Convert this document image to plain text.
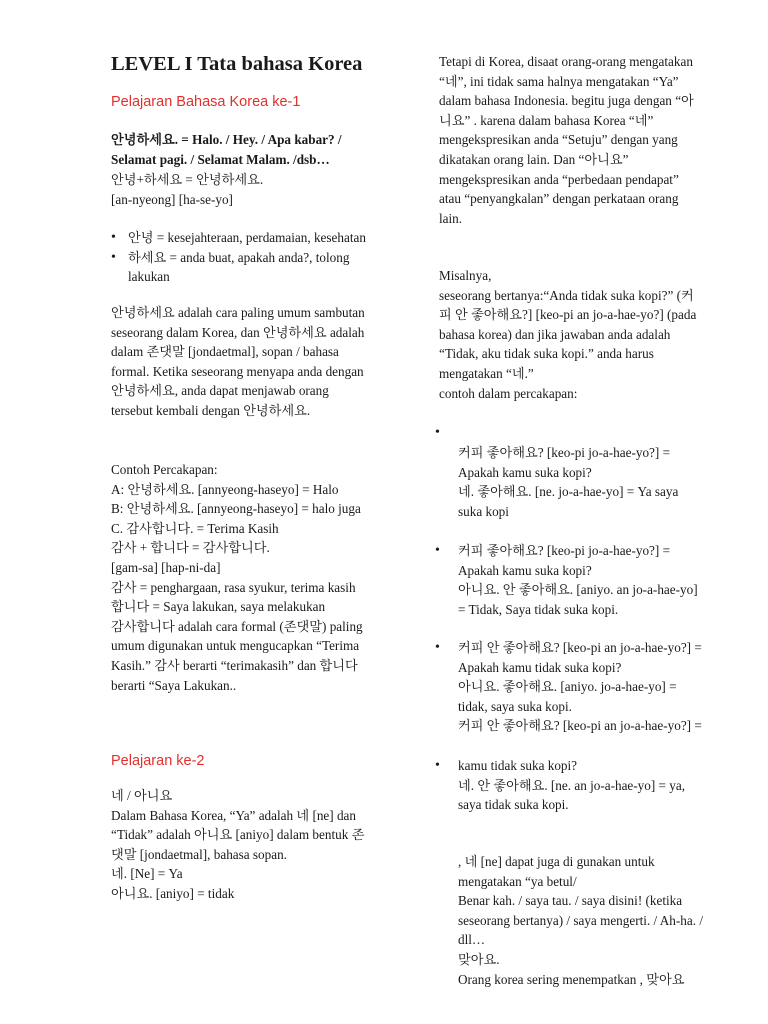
LEVEL I Tata bahasa Korea
Pelajaran Bahasa Korea ke-1
안녕하세요. = Halo. / Hey. / Apa kabar? /
Selamat pagi. / Selamat Malam. /dsb…
안녕+하세요 = 안녕하세요.
[an-nyeong] [ha-se-yo]
• 안녕 = kesejahteraan, perdamaian, kesehatan
• 하세요 = anda buat, apakah anda?, tolong
lakukan
안녕하세요 adalah cara paling umum sambutan
seseorang dalam Korea, dan 안녕하세요 adalah
dalam 존댓말 [jondaetmal], sopan / bahasa
formal. Ketika seseorang menyapa anda dengan
안녕하세요, anda dapat menjawab orang
tersebut kembali dengan 안녕하세요.
Contoh Percakapan:
A: 안녕하세요. [annyeong-haseyo] = Halo
B: 안녕하세요. [annyeong-haseyo] = halo juga
C. 감사합니다. = Terima Kasih
감사 + 합니다 = 감사합니다.
[gam-sa] [hap-ni-da]
감사 = penghargaan, rasa syukur, terima kasih
합니다 = Saya lakukan, saya melakukan
감사합니다 adalah cara formal (존댓말) paling
umum digunakan untuk mengucapkan “Terima
Kasih.” 감사 berarti “terimakasih” dan 합니다
berarti “Saya Lakukan..
Pelajaran ke-2
네 / 아니요
Dalam Bahasa Korea, “Ya” adalah 네 [ne] dan
“Tidak” adalah 아니요 [aniyo] dalam bentuk 존
댓말 [jondaetmal], bahasa sopan.
네. [Ne] = Ya
아니요. [aniyo] = tidak
Tetapi di Korea, disaat orang-orang mengatakan
“네”, ini tidak sama halnya mengatakan “Ya”
dalam bahasa Indonesia. begitu juga dengan “아
니요” . karena dalam bahasa Korea “네”
mengekspresikan anda “Setuju” dengan yang
dikatakan orang lain. Dan “아니요”
mengekspresikan anda “perbedaan pendapat”
atau “penyangkalan” dengan perkataan orang
lain.
Misalnya,
seseorang bertanya:“Anda tidak suka kopi?” (커
피 안 좋아해요?] [keo-pi an jo-a-hae-yo?] (pada
bahasa korea) dan jika jawaban anda adalah
“Tidak, aku tidak suka kopi.” anda harus
mengatakan “네.”
contoh dalam percakapan:
•
커피 좋아해요? [keo-pi jo-a-hae-yo?] =
Apakah kamu suka kopi?
네. 좋아해요. [ne. jo-a-hae-yo] = Ya saya
suka kopi
• 커피 좋아해요? [keo-pi jo-a-hae-yo?] =
Apakah kamu suka kopi?
아니요. 안 좋아해요. [aniyo. an jo-a-hae-yo]
= Tidak, Saya tidak suka kopi.
• 커피 안 좋아해요? [keo-pi an jo-a-hae-yo?] =
Apakah kamu tidak suka kopi?
아니요. 좋아해요. [aniyo. jo-a-hae-yo] =
tidak, saya suka kopi.
커피 안 좋아해요? [keo-pi an jo-a-hae-yo?] =
• kamu tidak suka kopi?
네. 안 좋아해요. [ne. an jo-a-hae-yo] = ya,
saya tidak suka kopi.
, 네 [ne] dapat juga di gunakan untuk
mengatakan “ya betul/
Benar kah. / saya tau. / saya disini! (ketika
seseorang bertanya) / saya mengerti. / Ah-ha. /
dll…
맞아요.
Orang korea sering menempatkan , 맞아요
